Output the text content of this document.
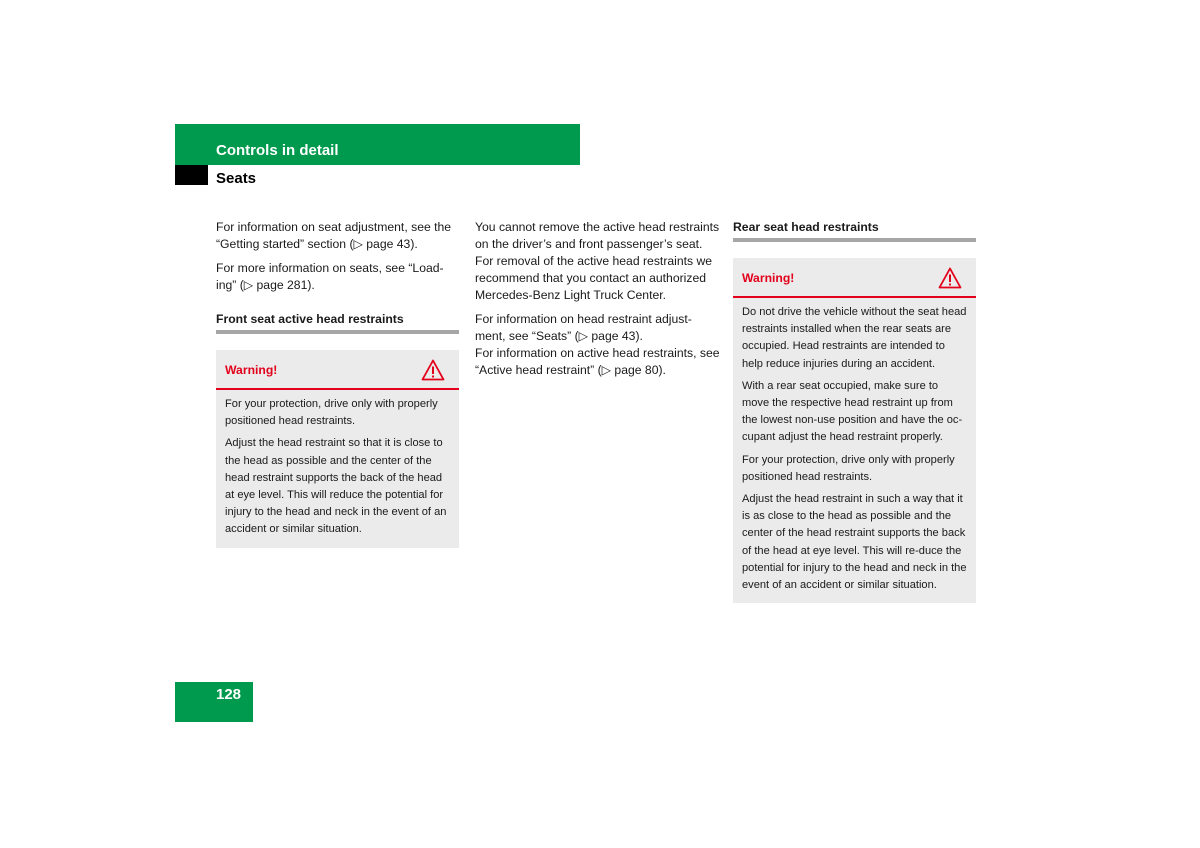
Controls in detail
Seats

For information on seat adjustment, see the “Getting started” section (▷ page 43).

For more information on seats, see “Load-ing” (▷ page 281).

Front seat active head restraints
Warning!

For your protection, drive only with properly positioned head restraints.

Adjust the head restraint so that it is close to the head as possible and the center of the head restraint supports the back of the head at eye level. This will reduce the potential for injury to the head and neck in the event of an accident or similar situation.

You cannot remove the active head restraints on the driver’s and front passenger’s seat.

For removal of the active head restraints we recommend that you contact an authorized Mercedes-Benz Light Truck Center.

For information on head restraint adjust-ment, see “Seats” (▷ page 43).

For information on active head restraints, see “Active head restraint” (▷ page 80).

Rear seat head restraints
Warning!

Do not drive the vehicle without the seat head restraints installed when the rear seats are occupied. Head restraints are intended to help reduce injuries during an accident.

With a rear seat occupied, make sure to move the respective head restraint up from the lowest non-use position and have the oc-cupant adjust the head restraint properly.

For your protection, drive only with properly positioned head restraints.

Adjust the head restraint in such a way that it is as close to the head as possible and the center of the head restraint supports the back of the head at eye level. This will re-duce the potential for injury to the head and neck in the event of an accident or similar situation.

128
